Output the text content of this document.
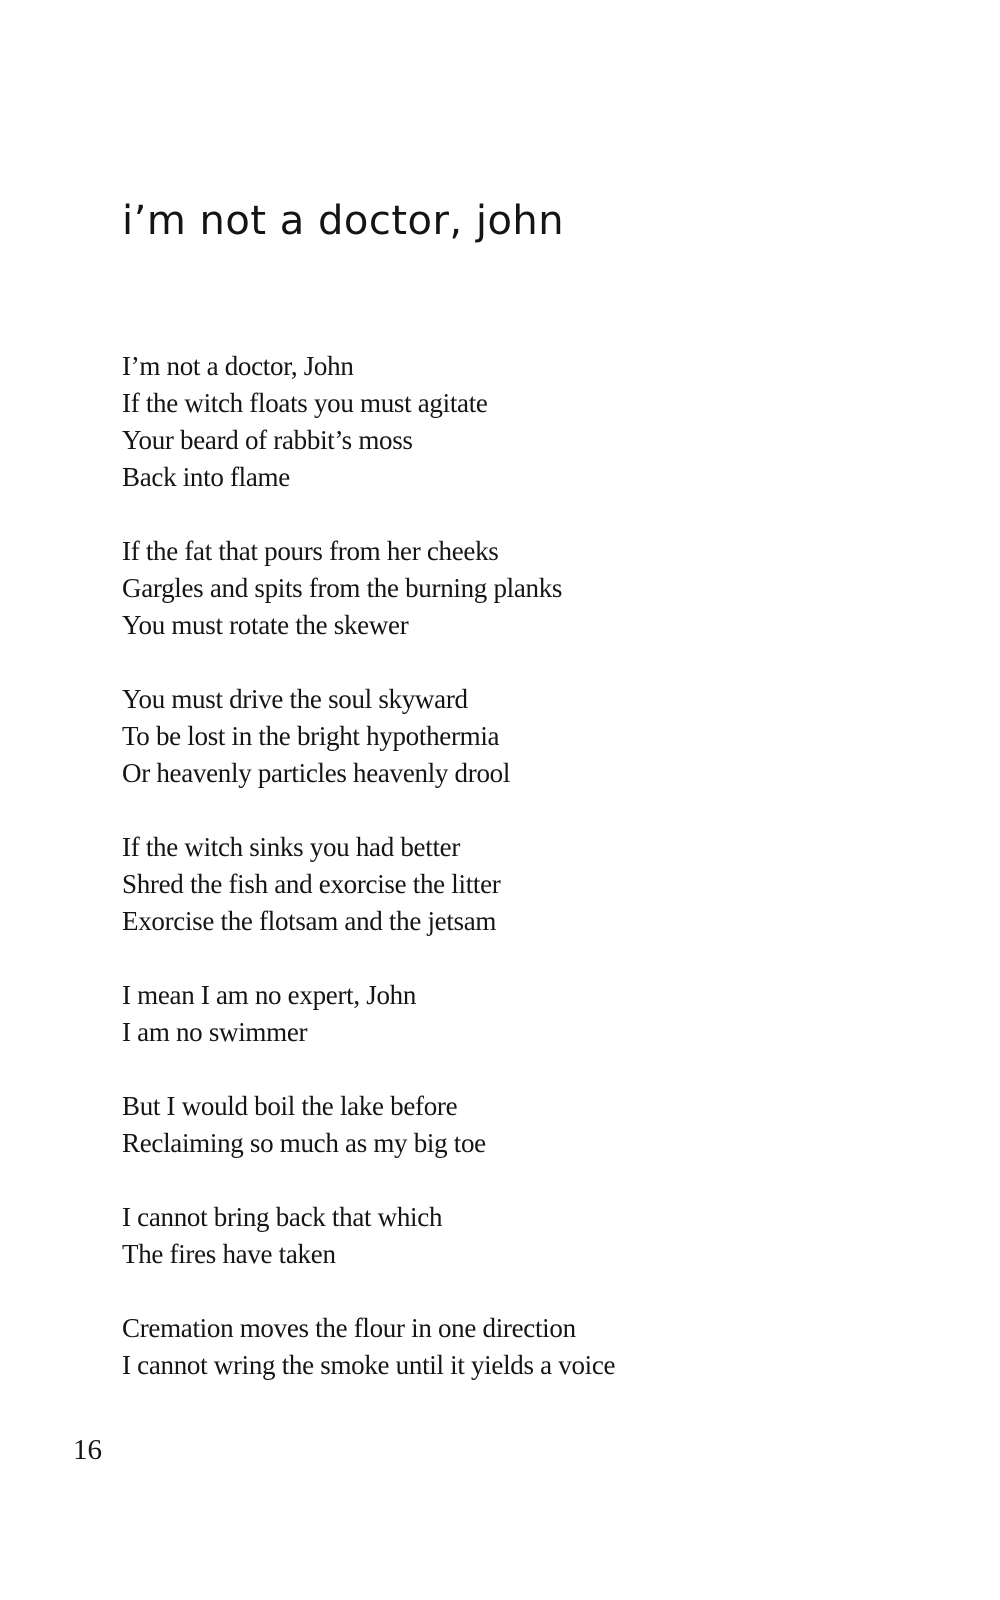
i’m not a doctor, john
I’m not a doctor, John
If the witch floats you must agitate
Your beard of rabbit’s moss
Back into flame
If the fat that pours from her cheeks
Gargles and spits from the burning planks
You must rotate the skewer
You must drive the soul skyward
To be lost in the bright hypothermia
Or heavenly particles heavenly drool
If the witch sinks you had better
Shred the fish and exorcise the litter
Exorcise the flotsam and the jetsam
I mean I am no expert, John
I am no swimmer
But I would boil the lake before
Reclaiming so much as my big toe
I cannot bring back that which
The fires have taken
Cremation moves the flour in one direction
I cannot wring the smoke until it yields a voice
16
